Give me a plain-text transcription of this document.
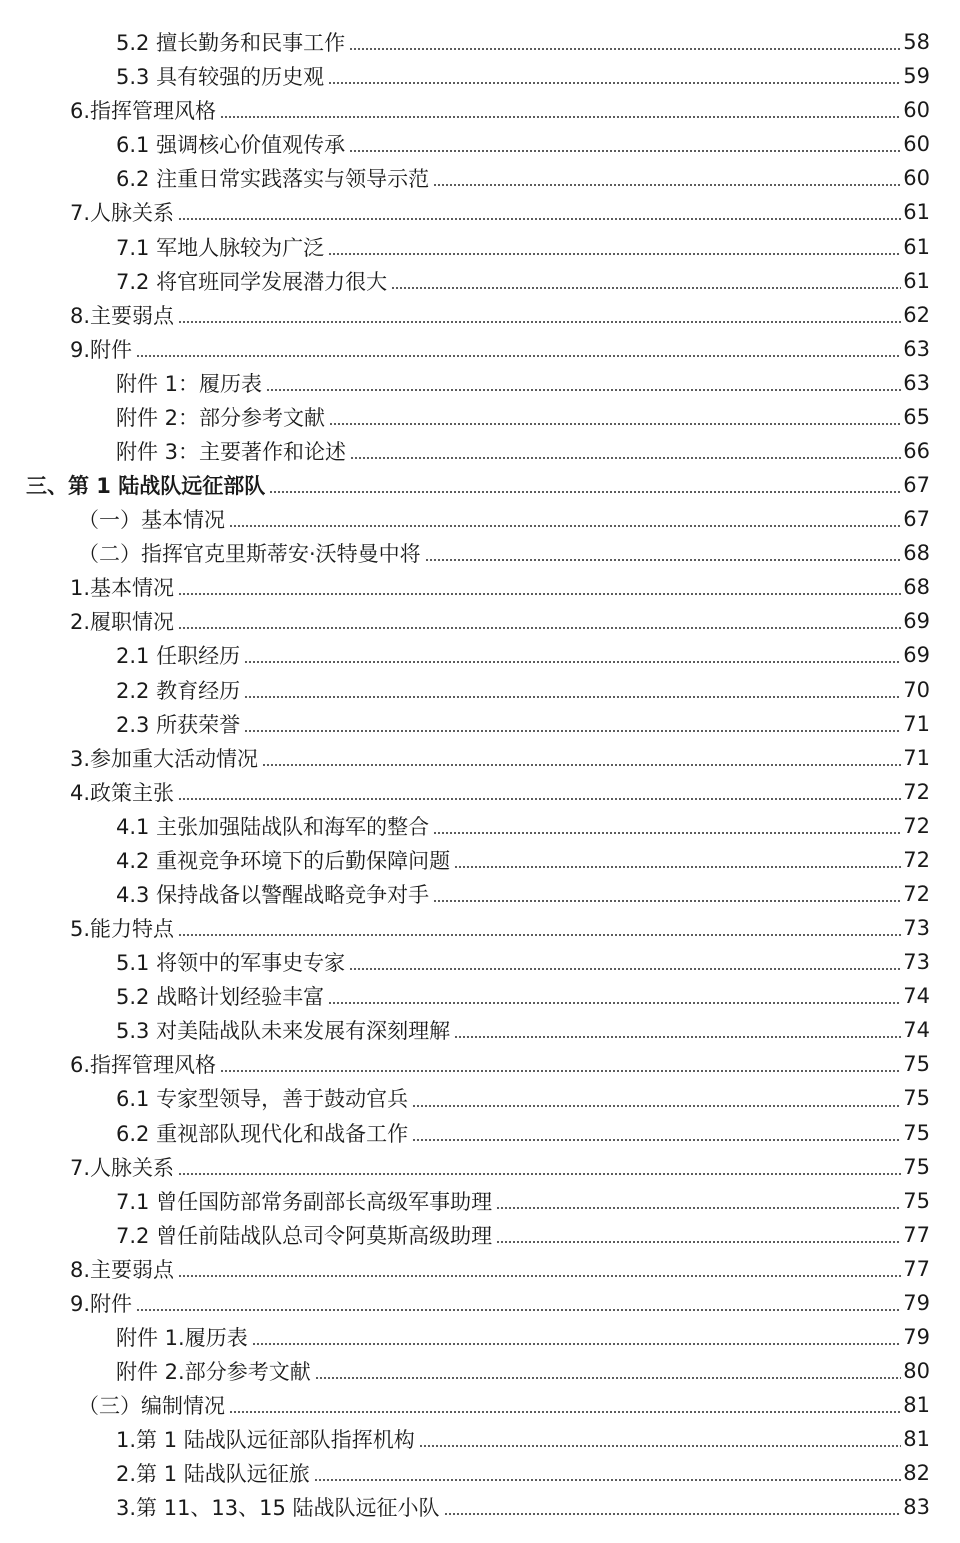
5.2 擅长勤务和民事工作	58
5.3 具有较强的历史观	59
6.指挥管理风格	60
6.1 强调核心价值观传承	60
6.2 注重日常实践落实与领导示范	60
7.人脉关系	61
7.1 军地人脉较为广泛	61
7.2 将官班同学发展潜力很大	61
8.主要弱点	62
9.附件	63
附件 1：履历表	63
附件 2：部分参考文献	65
附件 3：主要著作和论述	66
三、第 1 陆战队远征部队	67
（一）基本情况	67
（二）指挥官克里斯蒂安·沃特曼中将	68
1.基本情况	68
2.履职情况	69
2.1 任职经历	69
2.2 教育经历	70
2.3 所获荣誉	71
3.参加重大活动情况	71
4.政策主张	72
4.1 主张加强陆战队和海军的整合	72
4.2 重视竞争环境下的后勤保障问题	72
4.3 保持战备以警醒战略竞争对手	72
5.能力特点	73
5.1 将领中的军事史专家	73
5.2 战略计划经验丰富	74
5.3 对美陆战队未来发展有深刻理解	74
6.指挥管理风格	75
6.1 专家型领导，善于鼓动官兵	75
6.2 重视部队现代化和战备工作	75
7.人脉关系	75
7.1 曾任国防部常务副部长高级军事助理	75
7.2 曾任前陆战队总司令阿莫斯高级助理	77
8.主要弱点	77
9.附件	79
附件 1.履历表	79
附件 2.部分参考文献	80
（三）编制情况	81
1.第 1 陆战队远征部队指挥机构	81
2.第 1 陆战队远征旅	82
3.第 11、13、15 陆战队远征小队	83
